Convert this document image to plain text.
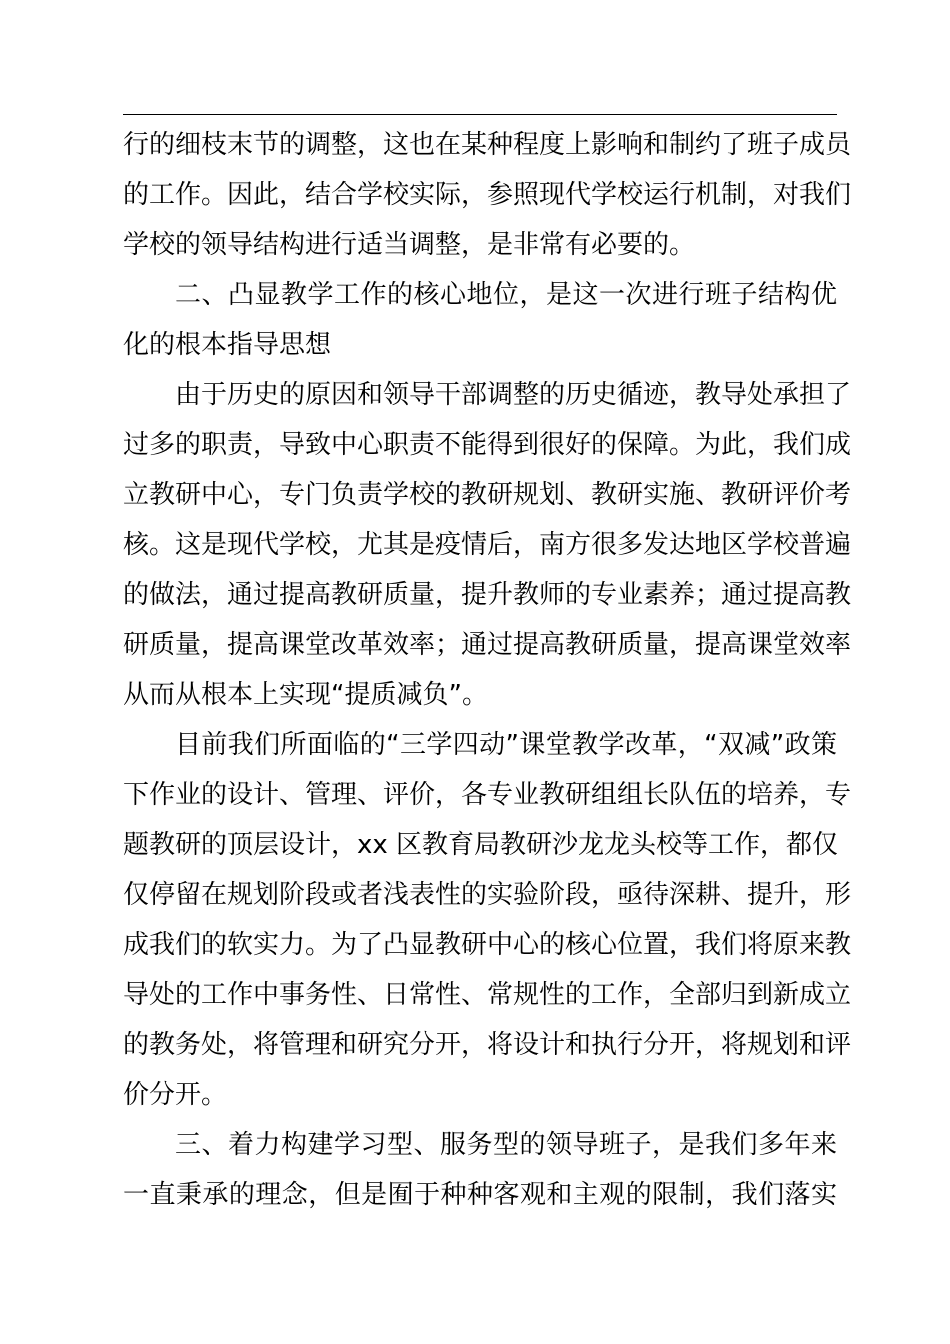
行的细枝末节的调整，这也在某种程度上影响和制约了班子成员
的工作。因此，结合学校实际，参照现代学校运行机制，对我们
学校的领导结构进行适当调整，是非常有必要的。
二、凸显教学工作的核心地位，是这一次进行班子结构优
化的根本指导思想
由于历史的原因和领导干部调整的历史循迹，教导处承担了
过多的职责，导致中心职责不能得到很好的保障。为此，我们成
立教研中心，专门负责学校的教研规划、教研实施、教研评价考
核。这是现代学校，尤其是疫情后，南方很多发达地区学校普遍
的做法，通过提高教研质量，提升教师的专业素养；通过提高教
研质量，提高课堂改革效率；通过提高教研质量，提高课堂效率
从而从根本上实现“提质减负”。
目前我们所面临的“三学四动”课堂教学改革，“双减”政策
下作业的设计、管理、评价，各专业教研组组长队伍的培养，专
题教研的顶层设计，xx 区教育局教研沙龙龙头校等工作，都仅
仅停留在规划阶段或者浅表性的实验阶段，亟待深耕、提升，形
成我们的软实力。为了凸显教研中心的核心位置，我们将原来教
导处的工作中事务性、日常性、常规性的工作，全部归到新成立
的教务处，将管理和研究分开，将设计和执行分开，将规划和评
价分开。
三、着力构建学习型、服务型的领导班子，是我们多年来
一直秉承的理念，但是囿于种种客观和主观的限制，我们落实
